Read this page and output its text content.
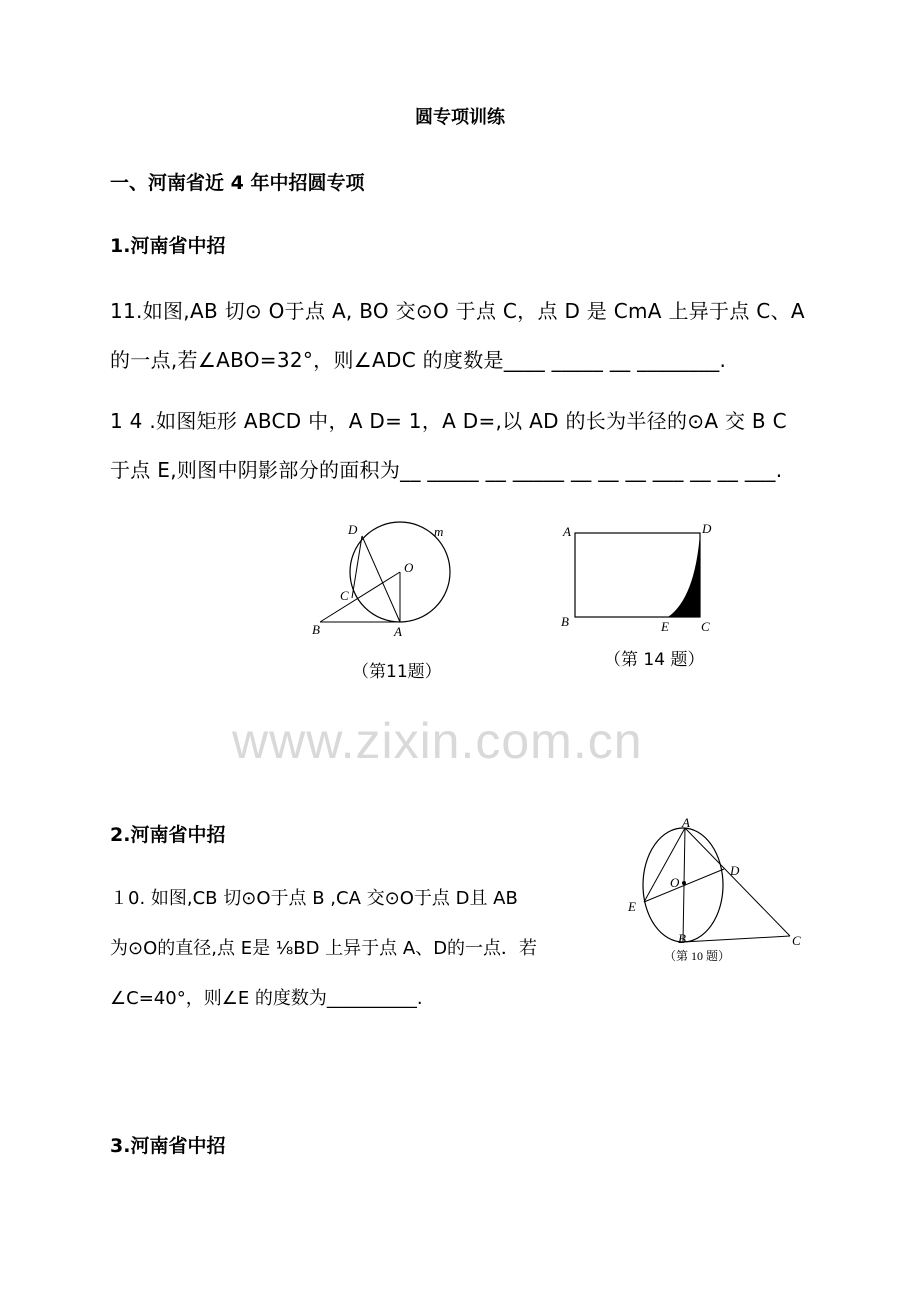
圆专项训练
一、河南省近 4 年中招圆专项
1.河南省中招
11.如图,AB 切⊙ O于点 A, BO 交⊙O 于点 C，点 D 是 CmA 上异于点 C、A
的一点,若∠ABO=32°，则∠ADC 的度数是____ _____ __ ________.
1 4 .如图矩形 ABCD 中，A D= 1，A D=,以 AD 的长为半径的⊙A 交 B C
于点 E,则图中阴影部分的面积为__ _____ __ _____ __ __ __ ___ __ __ ___.
www.zixin.com.cn
D	m
O
C
B	A
（第11题）
A	D
B	E C
（第 14 题）
2.河南省中招
１0. 如图,CB 切⊙O于点 B ,CA 交⊙O于点 D且 AB
为⊙O的直径,点 E是 ⅛BD 上异于点 A、D的一点．若
∠C=40°，则∠E 的度数为__________.
A
D
O
E
B	C
（第 10 题）
3.河南省中招
